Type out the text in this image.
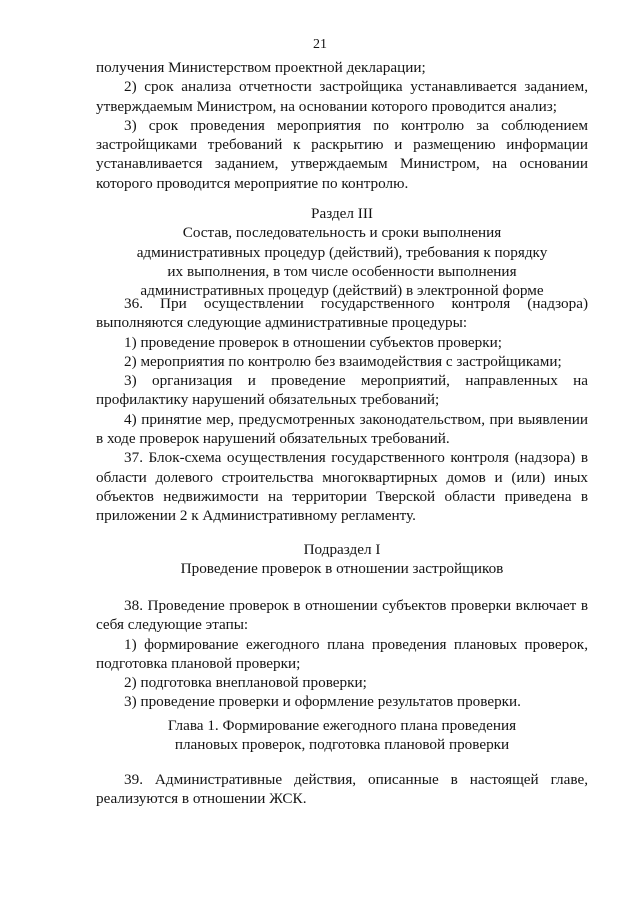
21

получения Министерством проектной декларации;

2) срок анализа отчетности застройщика устанавливается заданием, утверждаемым Министром, на основании которого проводится анализ;

3) срок проведения мероприятия по контролю за соблюдением застройщиками требований к раскрытию и размещению информации устанавливается заданием, утверждаемым Министром, на основании которого проводится мероприятие по контролю.

Раздел III

Состав, последовательность и сроки выполнения

административных процедур (действий), требования к порядку

их выполнения, в том числе особенности выполнения

административных процедур (действий) в электронной форме

36. При осуществлении государственного контроля (надзора) выполняются следующие административные процедуры:

1) проведение проверок в отношении субъектов проверки;

2) мероприятия по контролю без взаимодействия с застройщиками;

3) организация и проведение мероприятий, направленных на профилактику нарушений обязательных требований;

4) принятие мер, предусмотренных законодательством, при выявлении в ходе проверок нарушений обязательных требований.

37. Блок-схема осуществления государственного контроля (надзора) в области долевого строительства многоквартирных домов и (или) иных объектов недвижимости на территории Тверской области приведена в приложении 2 к Административному регламенту.

Подраздел I

Проведение проверок в отношении застройщиков

38. Проведение проверок в отношении субъектов проверки включает в себя следующие этапы:

1) формирование ежегодного плана проведения плановых проверок, подготовка плановой проверки;

2) подготовка внеплановой проверки;

3) проведение проверки и оформление результатов проверки.

Глава 1. Формирование ежегодного плана проведения

плановых проверок, подготовка плановой проверки

39. Административные действия, описанные в настоящей главе, реализуются в отношении ЖСК.
